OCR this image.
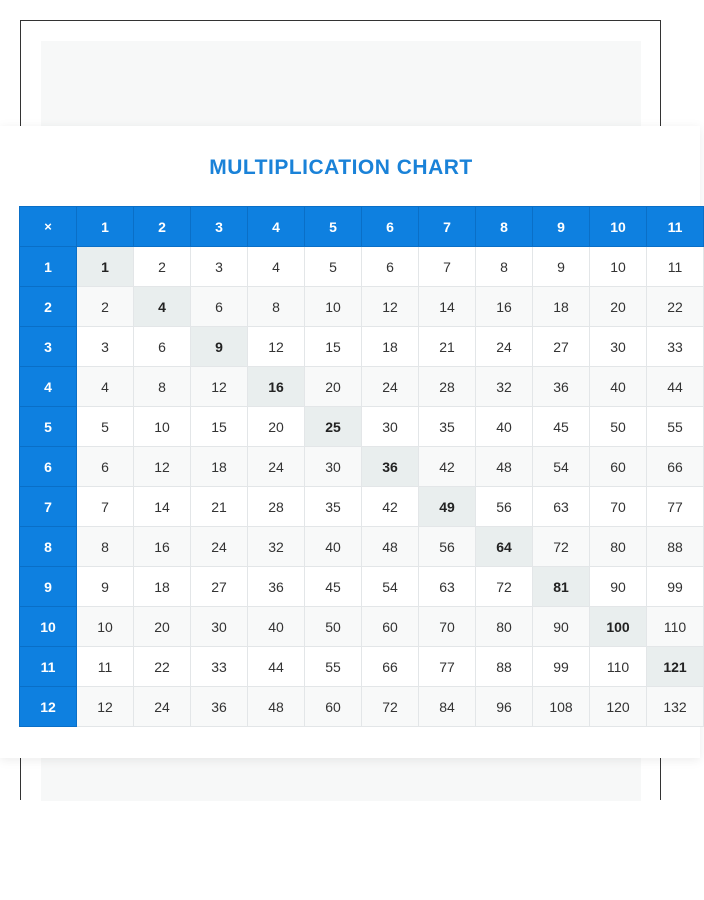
MULTIPLICATION CHART
×	1	2	3	4	5	6	7	8	9	10	11
1	1	2	3	4	5	6	7	8	9	10	11
2	2	4	6	8	10	12	14	16	18	20	22
3	3	6	9	12	15	18	21	24	27	30	33
4	4	8	12	16	20	24	28	32	36	40	44
5	5	10	15	20	25	30	35	40	45	50	55
6	6	12	18	24	30	36	42	48	54	60	66
7	7	14	21	28	35	42	49	56	63	70	77
8	8	16	24	32	40	48	56	64	72	80	88
9	9	18	27	36	45	54	63	72	81	90	99
10	10	20	30	40	50	60	70	80	90	100	110
11	11	22	33	44	55	66	77	88	99	110	121
12	12	24	36	48	60	72	84	96	108	120	132
